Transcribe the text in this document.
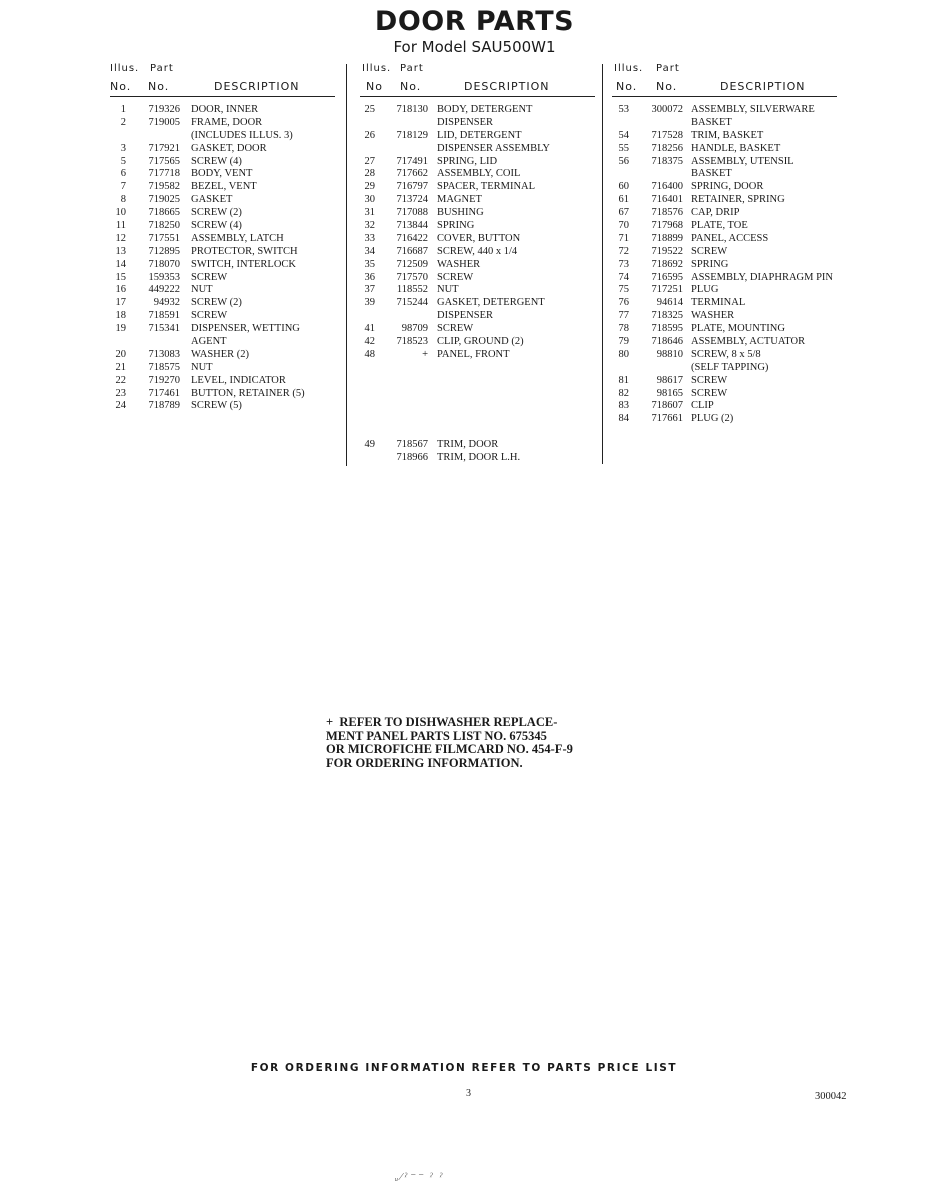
DOOR PARTS
For Model SAU500W1
Illus. Part
No. No.	DESCRIPTION
1	719326 DOOR, INNER
2	719005 FRAME, DOOR
(INCLUDES ILLUS. 3)
3	717921 GASKET, DOOR
5	717565 SCREW (4)
6	717718 BODY, VENT
7	719582 BEZEL, VENT
8	719025 GASKET
10	718665 SCREW (2)
11	718250 SCREW (4)
12	717551 ASSEMBLY, LATCH
13	712895 PROTECTOR, SWITCH
14	718070 SWITCH, INTERLOCK
15	159353 SCREW
16	449222 NUT
17	94932 SCREW (2)
18	718591 SCREW
19	715341 DISPENSER, WETTING
AGENT
20	713083 WASHER (2)
21	718575 NUT
22	719270 LEVEL, INDICATOR
23	717461 BUTTON, RETAINER (5)
24	718789 SCREW (5)
Illus. Part
No No.	DESCRIPTION
25	718130 BODY, DETERGENT
DISPENSER
26	718129 LID, DETERGENT
DISPENSER ASSEMBLY
27	717491 SPRING, LID
28	717662 ASSEMBLY, COIL
29	716797 SPACER, TERMINAL
30	713724 MAGNET
31	717088 BUSHING
32	713844 SPRING
33	716422 COVER, BUTTON
34	716687 SCREW, 440 x 1/4
35	712509 WASHER
36	717570 SCREW
37	118552 NUT
39	715244 GASKET, DETERGENT
DISPENSER
41	98709 SCREW
42	718523 CLIP, GROUND (2)
48	+ PANEL, FRONT
49	718567 TRIM, DOOR
718966 TRIM, DOOR L.H.
Illus. Part
No. No.	DESCRIPTION
53	300072 ASSEMBLY, SILVERWARE
BASKET
54	717528 TRIM, BASKET
55	718256 HANDLE, BASKET
56	718375 ASSEMBLY, UTENSIL
BASKET
60	716400 SPRING, DOOR
61	716401 RETAINER, SPRING
67	718576 CAP, DRIP
70	717968 PLATE, TOE
71	718899 PANEL, ACCESS
72	719522 SCREW
73	718692 SPRING
74	716595 ASSEMBLY, DIAPHRAGM PIN
75	717251 PLUG
76	94614 TERMINAL
77	718325 WASHER
78	718595 PLATE, MOUNTING
79	718646 ASSEMBLY, ACTUATOR
80	98810 SCREW, 8 x 5/8
(SELF TAPPING)
81	98617 SCREW
82	98165 SCREW
83	718607 CLIP
84	717661 PLUG (2)
+  REFER TO DISHWASHER REPLACE-
MENT PANEL PARTS LIST NO. 675345
OR MICROFICHE FILMCARD NO. 454-F-9
FOR ORDERING INFORMATION.
FOR ORDERING INFORMATION REFER TO PARTS PRICE LIST
3	300042
ᵤ⁄ˀ⁻⁻ ˀ ˀ
